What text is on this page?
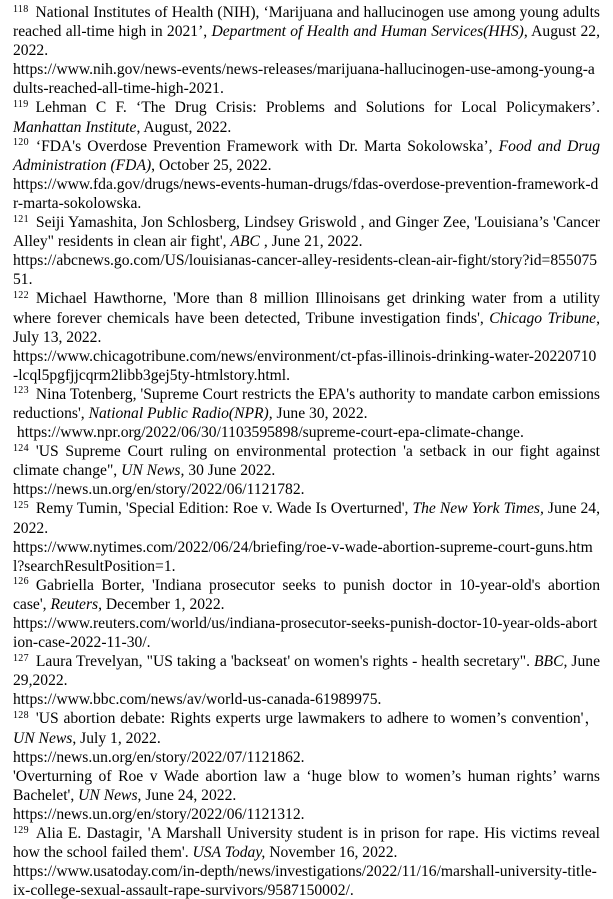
$^{118}$ National Institutes of Health (NIH), ‘Marijuana and hallucinogen use among young adults reached all-time high in 2021’, Department of Health and Human Services(HHS), August 22, 2022.
https://www.nih.gov/news-events/news-releases/marijuana-hallucinogen-use-among-young-adults-reached-all-time-high-2021.

$^{119}$ Lehman C F. ‘The Drug Crisis: Problems and Solutions for Local Policymakers’. Manhattan Institute, August, 2022.

$^{120}$ ‘FDA's Overdose Prevention Framework with Dr. Marta Sokolowska’, Food and Drug Administration (FDA), October 25, 2022.
https://www.fda.gov/drugs/news-events-human-drugs/fdas-overdose-prevention-framework-dr-marta-sokolowska.

$^{121}$ Seiji Yamashita, Jon Schlosberg, Lindsey Griswold , and Ginger Zee, 'Louisiana’s 'Cancer Alley" residents in clean air fight', ABC , June 21, 2022.
https://abcnews.go.com/US/louisianas-cancer-alley-residents-clean-air-fight/story?id=85507551.

$^{122}$ Michael Hawthorne, 'More than 8 million Illinoisans get drinking water from a utility where forever chemicals have been detected, Tribune investigation finds', Chicago Tribune, July 13, 2022.
https://www.chicagotribune.com/news/environment/ct-pfas-illinois-drinking-water-20220710-lcql5pgfjjcqrm2libb3gej5ty-htmlstory.html.

$^{123}$ Nina Totenberg, 'Supreme Court restricts the EPA's authority to mandate carbon emissions reductions', National Public Radio(NPR), June 30, 2022.
https://www.npr.org/2022/06/30/1103595898/supreme-court-epa-climate-change.

$^{124}$ 'US Supreme Court ruling on environmental protection 'a setback in our fight against climate change", UN News, 30 June 2022.
https://news.un.org/en/story/2022/06/1121782.

$^{125}$ Remy Tumin, 'Special Edition: Roe v. Wade Is Overturned', The New York Times, June 24, 2022.
https://www.nytimes.com/2022/06/24/briefing/roe-v-wade-abortion-supreme-court-guns.html?searchResultPosition=1.

$^{126}$ Gabriella Borter, 'Indiana prosecutor seeks to punish doctor in 10-year-old's abortion case', Reuters, December 1, 2022.
https://www.reuters.com/world/us/indiana-prosecutor-seeks-punish-doctor-10-year-olds-abortion-case-2022-11-30/.

$^{127}$ Laura Trevelyan, "US taking a 'backseat' on women's rights - health secretary". BBC, June 29,2022.
https://www.bbc.com/news/av/world-us-canada-61989975.

$^{128}$ 'US abortion debate: Rights experts urge lawmakers to adhere to women’s convention'，UN News, July 1, 2022.
https://news.un.org/en/story/2022/07/1121862.
'Overturning of Roe v Wade abortion law a ‘huge blow to women’s human rights’ warns Bachelet', UN News, June 24, 2022.
https://news.un.org/en/story/2022/06/1121312.

$^{129}$ Alia E. Dastagir, 'A Marshall University student is in prison for rape. His victims reveal how the school failed them'. USA Today, November 16, 2022.
https://www.usatoday.com/in-depth/news/investigations/2022/11/16/marshall-university-title-ix-college-sexual-assault-rape-survivors/9587150002/.
